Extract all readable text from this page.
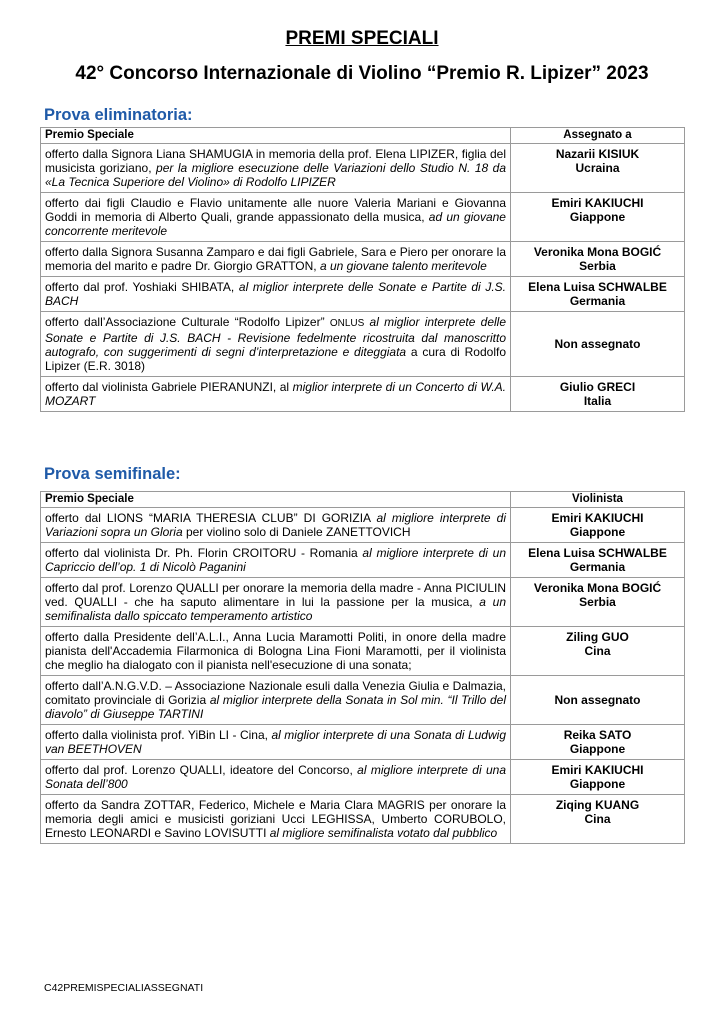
PREMI SPECIALI
42° Concorso Internazionale di Violino “Premio R. Lipizer” 2023
Prova eliminatoria:
Premio Speciale	Assegnato a
offerto dalla Signora Liana SHAMUGIA in memoria della prof. Elena LIPIZER, figlia del musicista goriziano, per la migliore esecuzione delle Variazioni dello Studio N. 18 da «La Tecnica Superiore del Violino» di Rodolfo LIPIZER	Nazarii KISIUK
Ucraina

offerto dai figli Claudio e Flavio unitamente alle nuore Valeria Mariani e Giovanna Goddi in memoria di Alberto Quali, grande appassionato della musica, ad un giovane concorrente meritevole	Emiri KAKIUCHI
Giappone

offerto dalla Signora Susanna Zamparo e dai figli Gabriele, Sara e Piero per onorare la memoria del marito e padre Dr. Giorgio GRATTON, a un giovane talento meritevole	Veronika Mona BOGIĆ
Serbia

offerto dal prof. Yoshiaki SHIBATA, al miglior interprete delle Sonate e Partite di J.S. BACH	Elena Luisa SCHWALBE
Germania

offerto dall’Associazione Culturale “Rodolfo Lipizer” ONLUS al miglior interprete delle Sonate e Partite di J.S. BACH - Revisione fedelmente ricostruita dal manoscritto autografo, con suggerimenti di segni d’interpretazione e diteggiata a cura di Rodolfo Lipizer (E.R. 3018)	Non assegnato

offerto dal violinista Gabriele PIERANUNZI, al miglior interprete di un Concerto di W.A. MOZART	Giulio GRECI
Italia
Prova semifinale:
Premio Speciale	Violinista
offerto dal LIONS “MARIA THERESIA CLUB” DI GORIZIA al migliore interprete di Variazioni sopra un Gloria per violino solo di Daniele ZANETTOVICH	Emiri KAKIUCHI
Giappone

offerto dal violinista Dr. Ph. Florin CROITORU - Romania al migliore interprete di un Capriccio dell’op. 1 di Nicolò Paganini	Elena Luisa SCHWALBE
Germania

offerto dal prof. Lorenzo QUALLI per onorare la memoria della madre - Anna PICIULIN ved. QUALLI - che ha saputo alimentare in lui la passione per la musica, a un semifinalista dallo spiccato temperamento artistico	Veronika Mona BOGIĆ
Serbia

offerto dalla Presidente dell’A.L.I., Anna Lucia Maramotti Politi, in onore della madre pianista dell'Accademia Filarmonica di Bologna Lina Fioni Maramotti, per il violinista che meglio ha dialogato con il pianista nell'esecuzione di una sonata;	Ziling GUO
Cina

offerto dall’A.N.G.V.D. – Associazione Nazionale esuli dalla Venezia Giulia e Dalmazia, comitato provinciale di Gorizia al miglior interprete della Sonata in Sol min. “Il Trillo del diavolo” di Giuseppe TARTINI	Non assegnato

offerto dalla violinista prof. YiBin LI - Cina, al miglior interprete di una Sonata di Ludwig van BEETHOVEN	Reika SATO
Giappone

offerto dal prof. Lorenzo QUALLI, ideatore del Concorso, al migliore interprete di una Sonata dell’800	Emiri KAKIUCHI
Giappone

offerto da Sandra ZOTTAR, Federico, Michele e Maria Clara MAGRIS per onorare la memoria degli amici e musicisti goriziani Ucci LEGHISSA, Umberto CORUBOLO, Ernesto LEONARDI e Savino LOVISUTTI al migliore semifinalista votato dal pubblico	Ziqing KUANG
Cina
C42PREMISPECIALIASSEGNATI
